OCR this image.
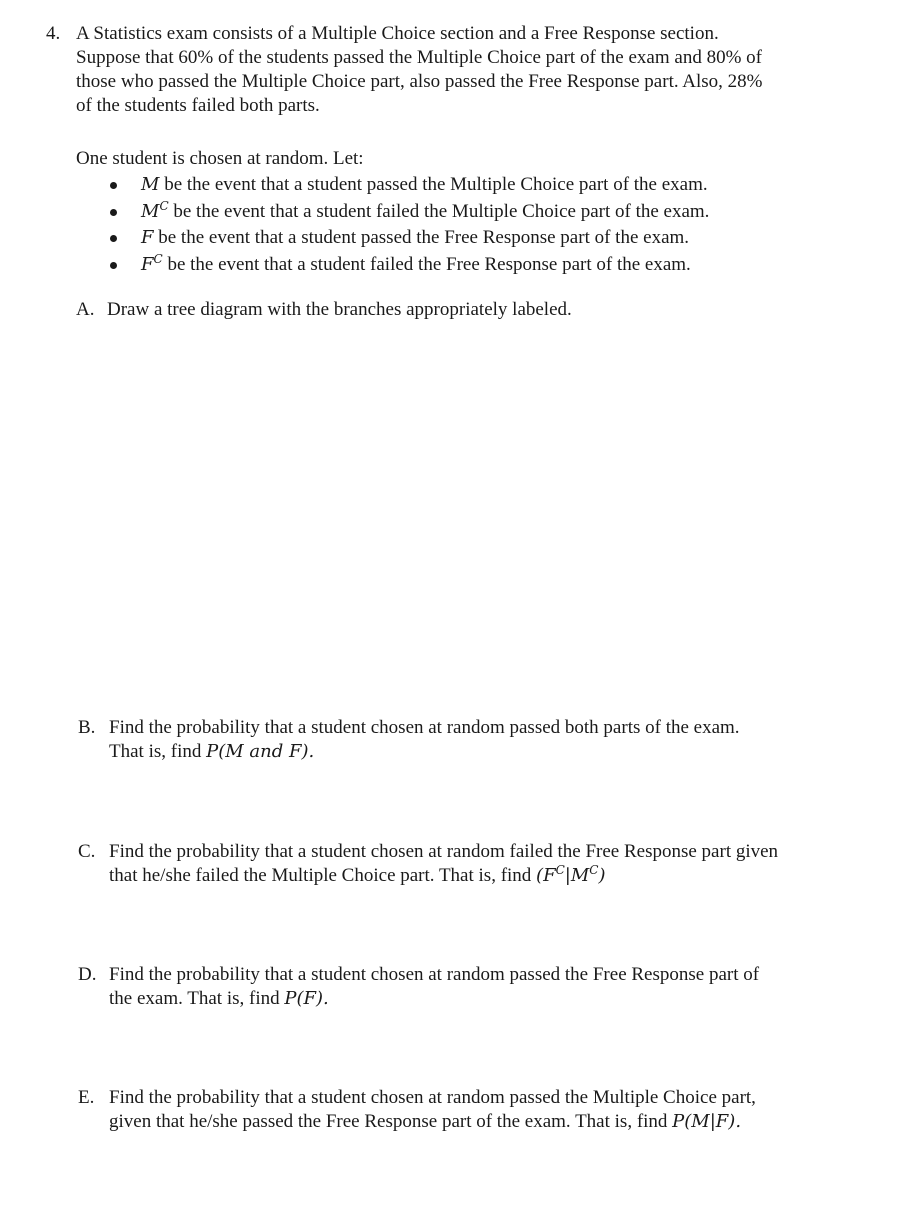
4. A Statistics exam consists of a Multiple Choice section and a Free Response section.
Suppose that 60% of the students passed the Multiple Choice part of the exam and 80% of
those who passed the Multiple Choice part, also passed the Free Response part. Also, 28%
of the students failed both parts.
One student is chosen at random. Let:
M be the event that a student passed the Multiple Choice part of the exam.
$M^C$ be the event that a student failed the Multiple Choice part of the exam.
F be the event that a student passed the Free Response part of the exam.
$F^C$ be the event that a student failed the Free Response part of the exam.
A. Draw a tree diagram with the branches appropriately labeled.
B. Find the probability that a student chosen at random passed both parts of the exam.
That is, find P(M and F).
C. Find the probability that a student chosen at random failed the Free Response part given
that he/she failed the Multiple Choice part. That is, find $(F^C|M^C)$
D. Find the probability that a student chosen at random passed the Free Response part of
the exam. That is, find P(F).
E. Find the probability that a student chosen at random passed the Multiple Choice part,
given that he/she passed the Free Response part of the exam. That is, find P(M|F).
